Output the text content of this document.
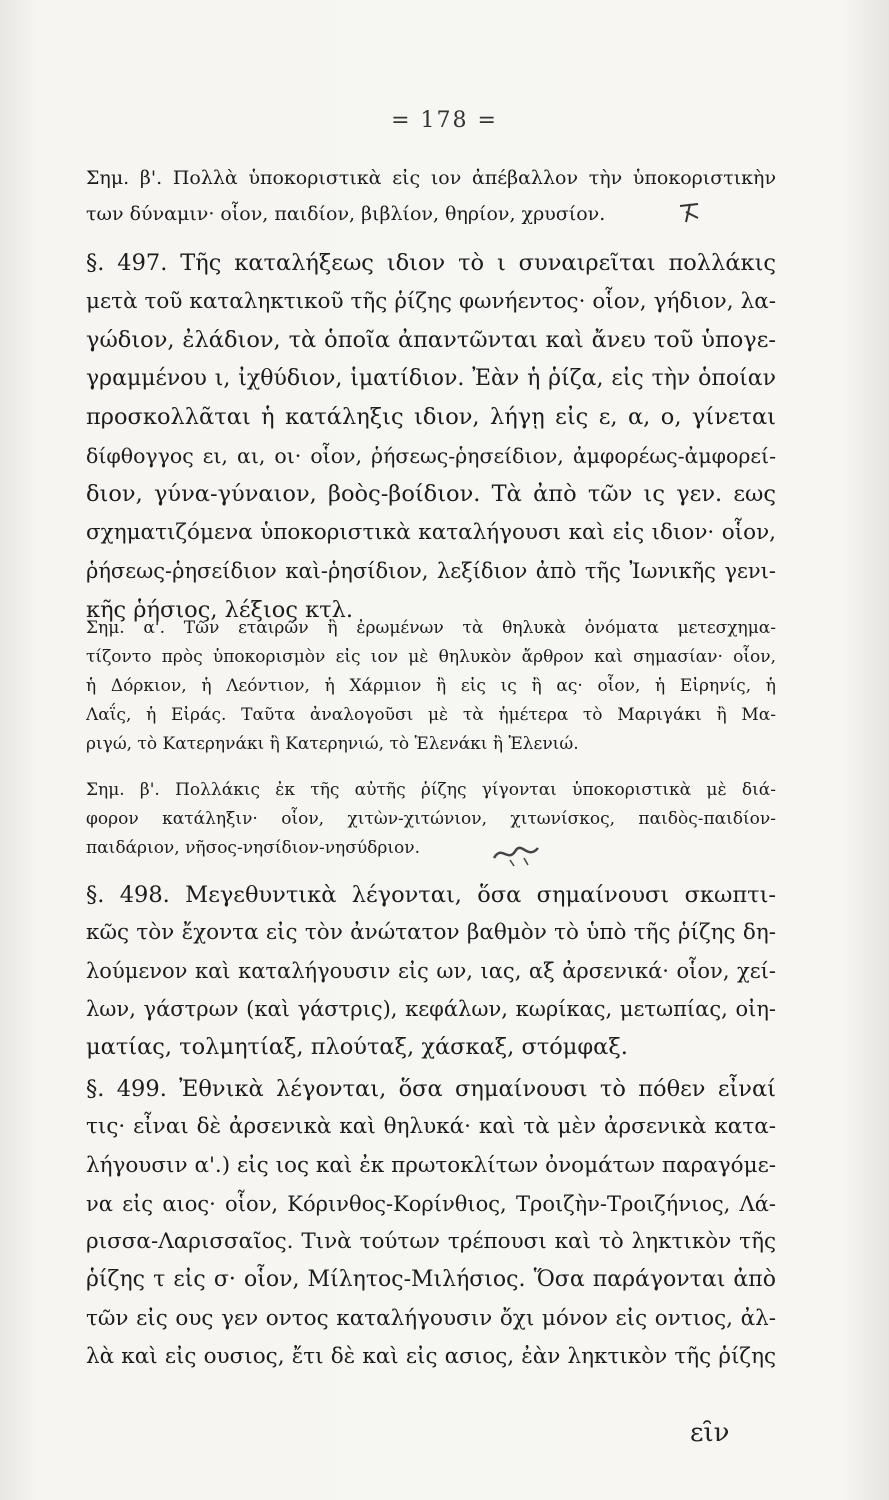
= 178 =
Σημ. β'. Πολλὰ ὑποκοριστικὰ εἰς ιον ἀπέβαλλον τὴν ὑποκοριστικὴν
των δύναμιν· οἷον, παιδίον, βιβλίον, θηρίον, χρυσίον.
§. 497. Τῆς καταλήξεως ιδιον τὸ ι συναιρεῖται πολλάκις
μετὰ τοῦ καταληκτικοῦ τῆς ῥίζης φωνήεντος· οἷον, γήδιον, λα-
γώδιον, ἐλάδιον, τὰ ὁποῖα ἀπαντῶνται καὶ ἄνευ τοῦ ὑπογε-
γραμμένου ι, ἰχθύδιον, ἱματίδιον. Ἐὰν ἡ ῥίζα, εἰς τὴν ὁποίαν
προσκολλᾶται ἡ κατάληξις ιδιον, λήγῃ εἰς ε, α, ο, γίνεται
δίφθογγος ει, αι, οι· οἷον, ῥήσεως-ῥησείδιον, ἀμφορέως-ἀμφορεί-
διον, γύνα-γύναιον, βοὸς-βοίδιον. Τὰ ἀπὸ τῶν ις γεν. εως
σχηματιζόμενα ὑποκοριστικὰ καταλήγουσι καὶ εἰς ιδιον· οἷον,
ῥήσεως-ῥησείδιον καὶ-ῥησίδιον, λεξίδιον ἀπὸ τῆς Ἰωνικῆς γενι-
κῆς ῥήσιος, λέξιος κτλ.
Σημ. α'. Τῶν εταιρῶν ἢ ἐρωμένων τὰ θηλυκὰ ὀνόματα μετεσχημα-
τίζοντο πρὸς ὑποκορισμὸν εἰς ιον μὲ θηλυκὸν ἄρθρον καὶ σημασίαν· οἷον,
ἡ Δόρκιον, ἡ Λεόντιον, ἡ Χάρμιον ἢ εἰς ις ἢ ας· οἷον, ἡ Εἰρηνίς, ἡ
Λαΐς, ἡ Εἰράς. Ταῦτα ἀναλογοῦσι μὲ τὰ ἡμέτερα τὸ Μαριγάκι ἢ Μα-
ριγώ, τὸ Κατερηνάκι ἢ Κατερηνιώ, τὸ Ἑλενάκι ἢ Ἑλενιώ.
Σημ. β'. Πολλάκις ἐκ τῆς αὐτῆς ῥίζης γίγονται ὑποκοριστικὰ μὲ διά-
φορον κατάληξιν· οἷον, χιτὼν-χιτώνιον, χιτωνίσκος, παιδὸς-παιδίον-
παιδάριον, νῆσος-νησίδιον-νησύδριον.
§. 498. Μεγεθυντικὰ λέγονται, ὅσα σημαίνουσι σκωπτι-
κῶς τὸν ἔχοντα εἰς τὸν ἀνώτατον βαθμὸν τὸ ὑπὸ τῆς ῥίζης δη-
λούμενον καὶ καταλήγουσιν εἰς ων, ιας, αξ ἀρσενικά· οἷον, χεί-
λων, γάστρων (καὶ γάστρις), κεφάλων, κωρίκας, μετωπίας, οἰη-
ματίας, τολμητίαξ, πλούταξ, χάσκαξ, στόμφαξ.
§. 499. Ἐθνικὰ λέγονται, ὅσα σημαίνουσι τὸ πόθεν εἶναί
τις· εἶναι δὲ ἀρσενικὰ καὶ θηλυκά· καὶ τὰ μὲν ἀρσενικὰ κατα-
λήγουσιν α'.) εἰς ιος καὶ ἐκ πρωτοκλίτων ὀνομάτων παραγόμε-
να εἰς αιος· οἷον, Κόρινθος-Κορίνθιος, Τροιζὴν-Τροιζήνιος, Λά-
ρισσα-Λαρισσαῖος. Τινὰ τούτων τρέπουσι καὶ τὸ ληκτικὸν τῆς
ῥίζης τ εἰς σ· οἷον, Μίλητος-Μιλήσιος. Ὅσα παράγονται ἀπὸ
τῶν εἰς ους γεν οντος καταλήγουσιν ὄχι μόνον εἰς οντιος, ἀλ-
λὰ καὶ εἰς ουσιος, ἔτι δὲ καὶ εἰς ασιος, ἐὰν ληκτικὸν τῆς ῥίζης
ει̑ν
